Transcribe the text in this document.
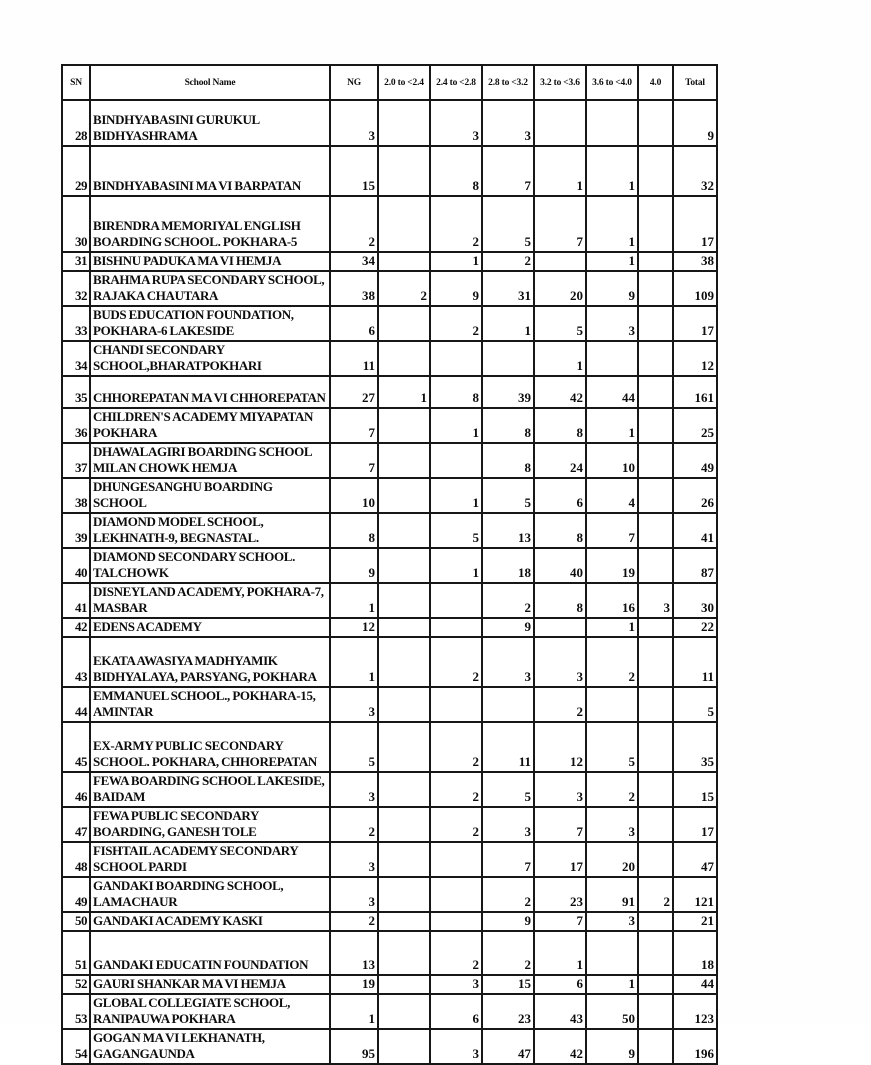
SN	School Name	NG	2.0 to <2.4	2.4 to <2.8	2.8 to <3.2	3.2 to <3.6	3.6 to <4.0	4.0	Total
28	BINDHYABASINI GURUKUL BIDHYASHRAMA	3		3	3				9
29	BINDHYABASINI MA VI BARPATAN	15		8	7	1	1		32
30	BIRENDRA MEMORIYAL ENGLISH BOARDING SCHOOL. POKHARA-5	2		2	5	7	1		17
31	BISHNU PADUKA MA VI HEMJA	34		1	2		1		38
32	BRAHMA RUPA SECONDARY SCHOOL, RAJAKA CHAUTARA	38	2	9	31	20	9		109
33	BUDS EDUCATION FOUNDATION, POKHARA-6 LAKESIDE	6		2	1	5	3		17
34	CHANDI SECONDARY SCHOOL,BHARATPOKHARI	11				1			12
35	CHHOREPATAN MA VI CHHOREPATAN	27	1	8	39	42	44		161
36	CHILDREN'S ACADEMY MIYAPATAN POKHARA	7		1	8	8	1		25
37	DHAWALAGIRI BOARDING SCHOOL MILAN CHOWK HEMJA	7			8	24	10		49
38	DHUNGESANGHU BOARDING SCHOOL	10		1	5	6	4		26
39	DIAMOND MODEL SCHOOL, LEKHNATH-9, BEGNASTAL.	8		5	13	8	7		41
40	DIAMOND SECONDARY SCHOOL. TALCHOWK	9		1	18	40	19		87
41	DISNEYLAND ACADEMY, POKHARA-7, MASBAR	1			2	8	16	3	30
42	EDENS ACADEMY	12			9		1		22
43	EKATA AWASIYA MADHYAMIK BIDHYALAYA, PARSYANG, POKHARA	1		2	3	3	2		11
44	EMMANUEL SCHOOL., POKHARA-15, AMINTAR	3				2			5
45	EX-ARMY PUBLIC SECONDARY SCHOOL. POKHARA, CHHOREPATAN	5		2	11	12	5		35
46	FEWA BOARDING SCHOOL LAKESIDE, BAIDAM	3		2	5	3	2		15
47	FEWA PUBLIC SECONDARY BOARDING, GANESH TOLE	2		2	3	7	3		17
48	FISHTAIL ACADEMY SECONDARY SCHOOL PARDI	3			7	17	20		47
49	GANDAKI BOARDING SCHOOL, LAMACHAUR	3			2	23	91	2	121
50	GANDAKI ACADEMY KASKI	2			9	7	3		21
51	GANDAKI EDUCATIN FOUNDATION	13		2	2	1			18
52	GAURI SHANKAR MA VI HEMJA	19		3	15	6	1		44
53	GLOBAL COLLEGIATE SCHOOL, RANIPAUWA POKHARA	1		6	23	43	50		123
54	GOGAN MA VI LEKHANATH, GAGANGAUNDA	95		3	47	42	9		196
